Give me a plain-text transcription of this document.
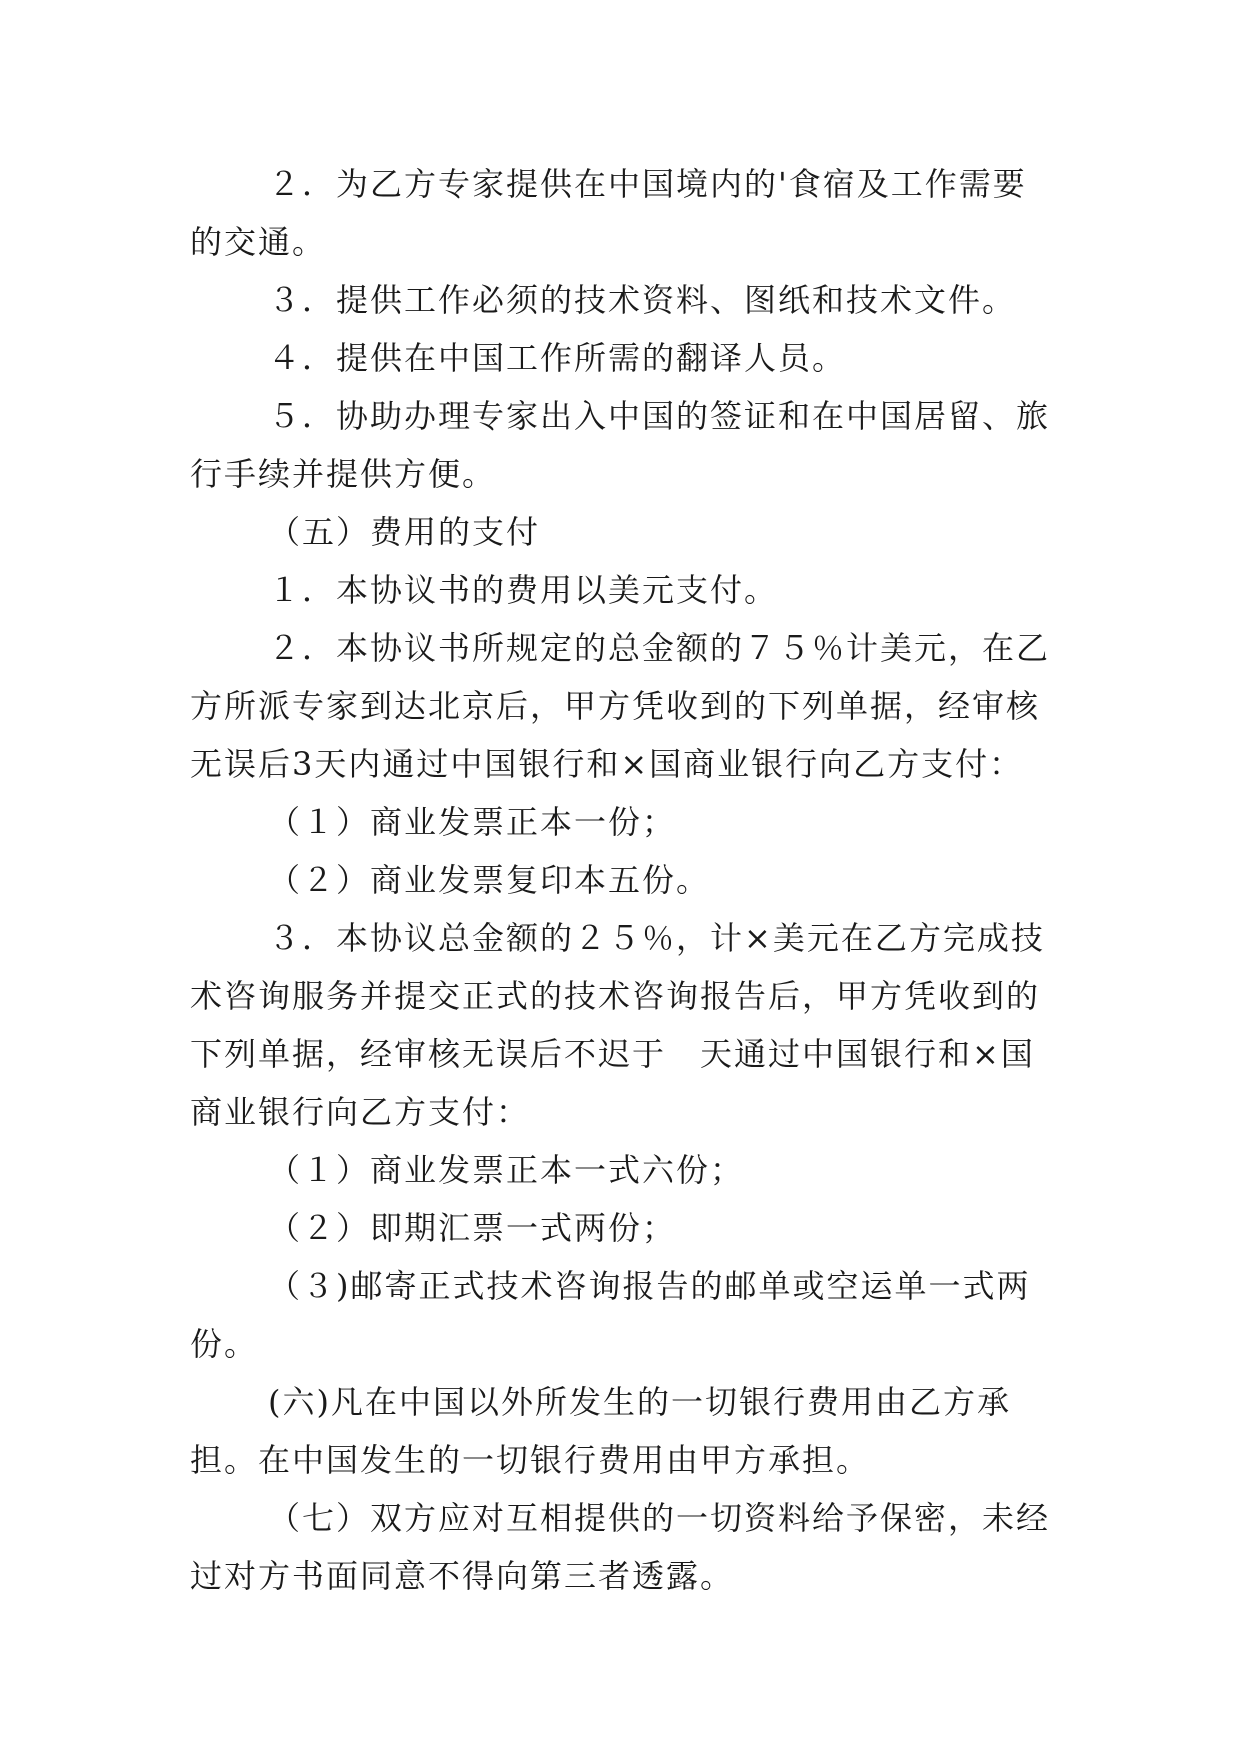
２．为乙方专家提供在中国境内的'食宿及工作需要的交通。

３．提供工作必须的技术资料、图纸和技术文件。

４．提供在中国工作所需的翻译人员。

５．协助办理专家出入中国的签证和在中国居留、旅行手续并提供方便。

（五）费用的支付

１．本协议书的费用以美元支付。

２．本协议书所规定的总金额的７５％计美元，在乙方所派专家到达北京后，甲方凭收到的下列单据，经审核无误后3天内通过中国银行和×国商业银行向乙方支付：

（１）商业发票正本一份；

（２）商业发票复印本五份。

３．本协议总金额的２５％，计×美元在乙方完成技术咨询服务并提交正式的技术咨询报告后，甲方凭收到的下列单据，经审核无误后不迟于　天通过中国银行和×国商业银行向乙方支付：

（１）商业发票正本一式六份；

（２）即期汇票一式两份；

（３)邮寄正式技术咨询报告的邮单或空运单一式两份。

(六)凡在中国以外所发生的一切银行费用由乙方承担。在中国发生的一切银行费用由甲方承担。

（七）双方应对互相提供的一切资料给予保密，未经过对方书面同意不得向第三者透露。
